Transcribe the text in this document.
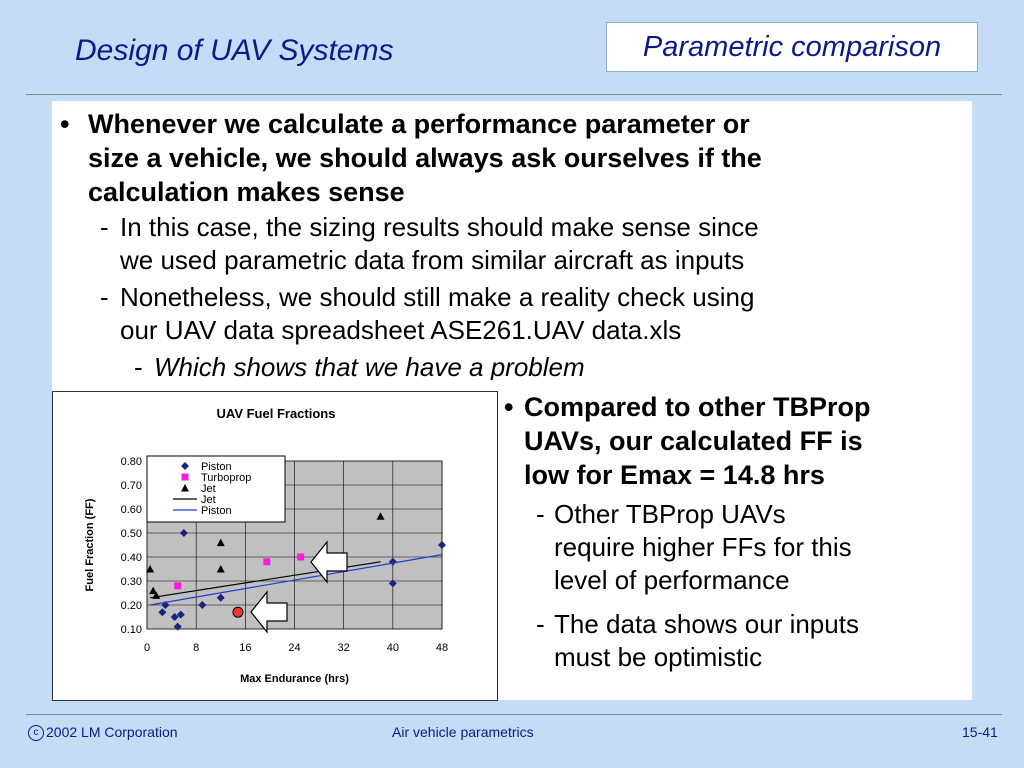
Design of UAV Systems	Parametric comparison
• Whenever we calculate a performance parameter or
size a vehicle, we should always ask ourselves if the
calculation makes sense
- In this case, the sizing results should make sense since
we used parametric data from similar aircraft as inputs
- Nonetheless, we should still make a reality check using
our UAV data spreadsheet ASE261.UAV data.xls
- Which shows that we have a problem
• Compared to other TBProp
UAVs, our calculated FF is
low for Emax = 14.8 hrs
- Other TBProp UAVs
require higher FFs for this
level of performance
- The data shows our inputs
must be optimistic
UAV Fuel Fractions
0.10
0.20
0.30
0.40
0.50
0.60
0.70
0.80
0	8	16	24	32	40	48
Max Endurance (hrs)
Fuel Fraction (FF)
Piston
Turboprop
Jet
Jet
Piston
c 2002 LM Corporation	Air vehicle parametrics	15-41
